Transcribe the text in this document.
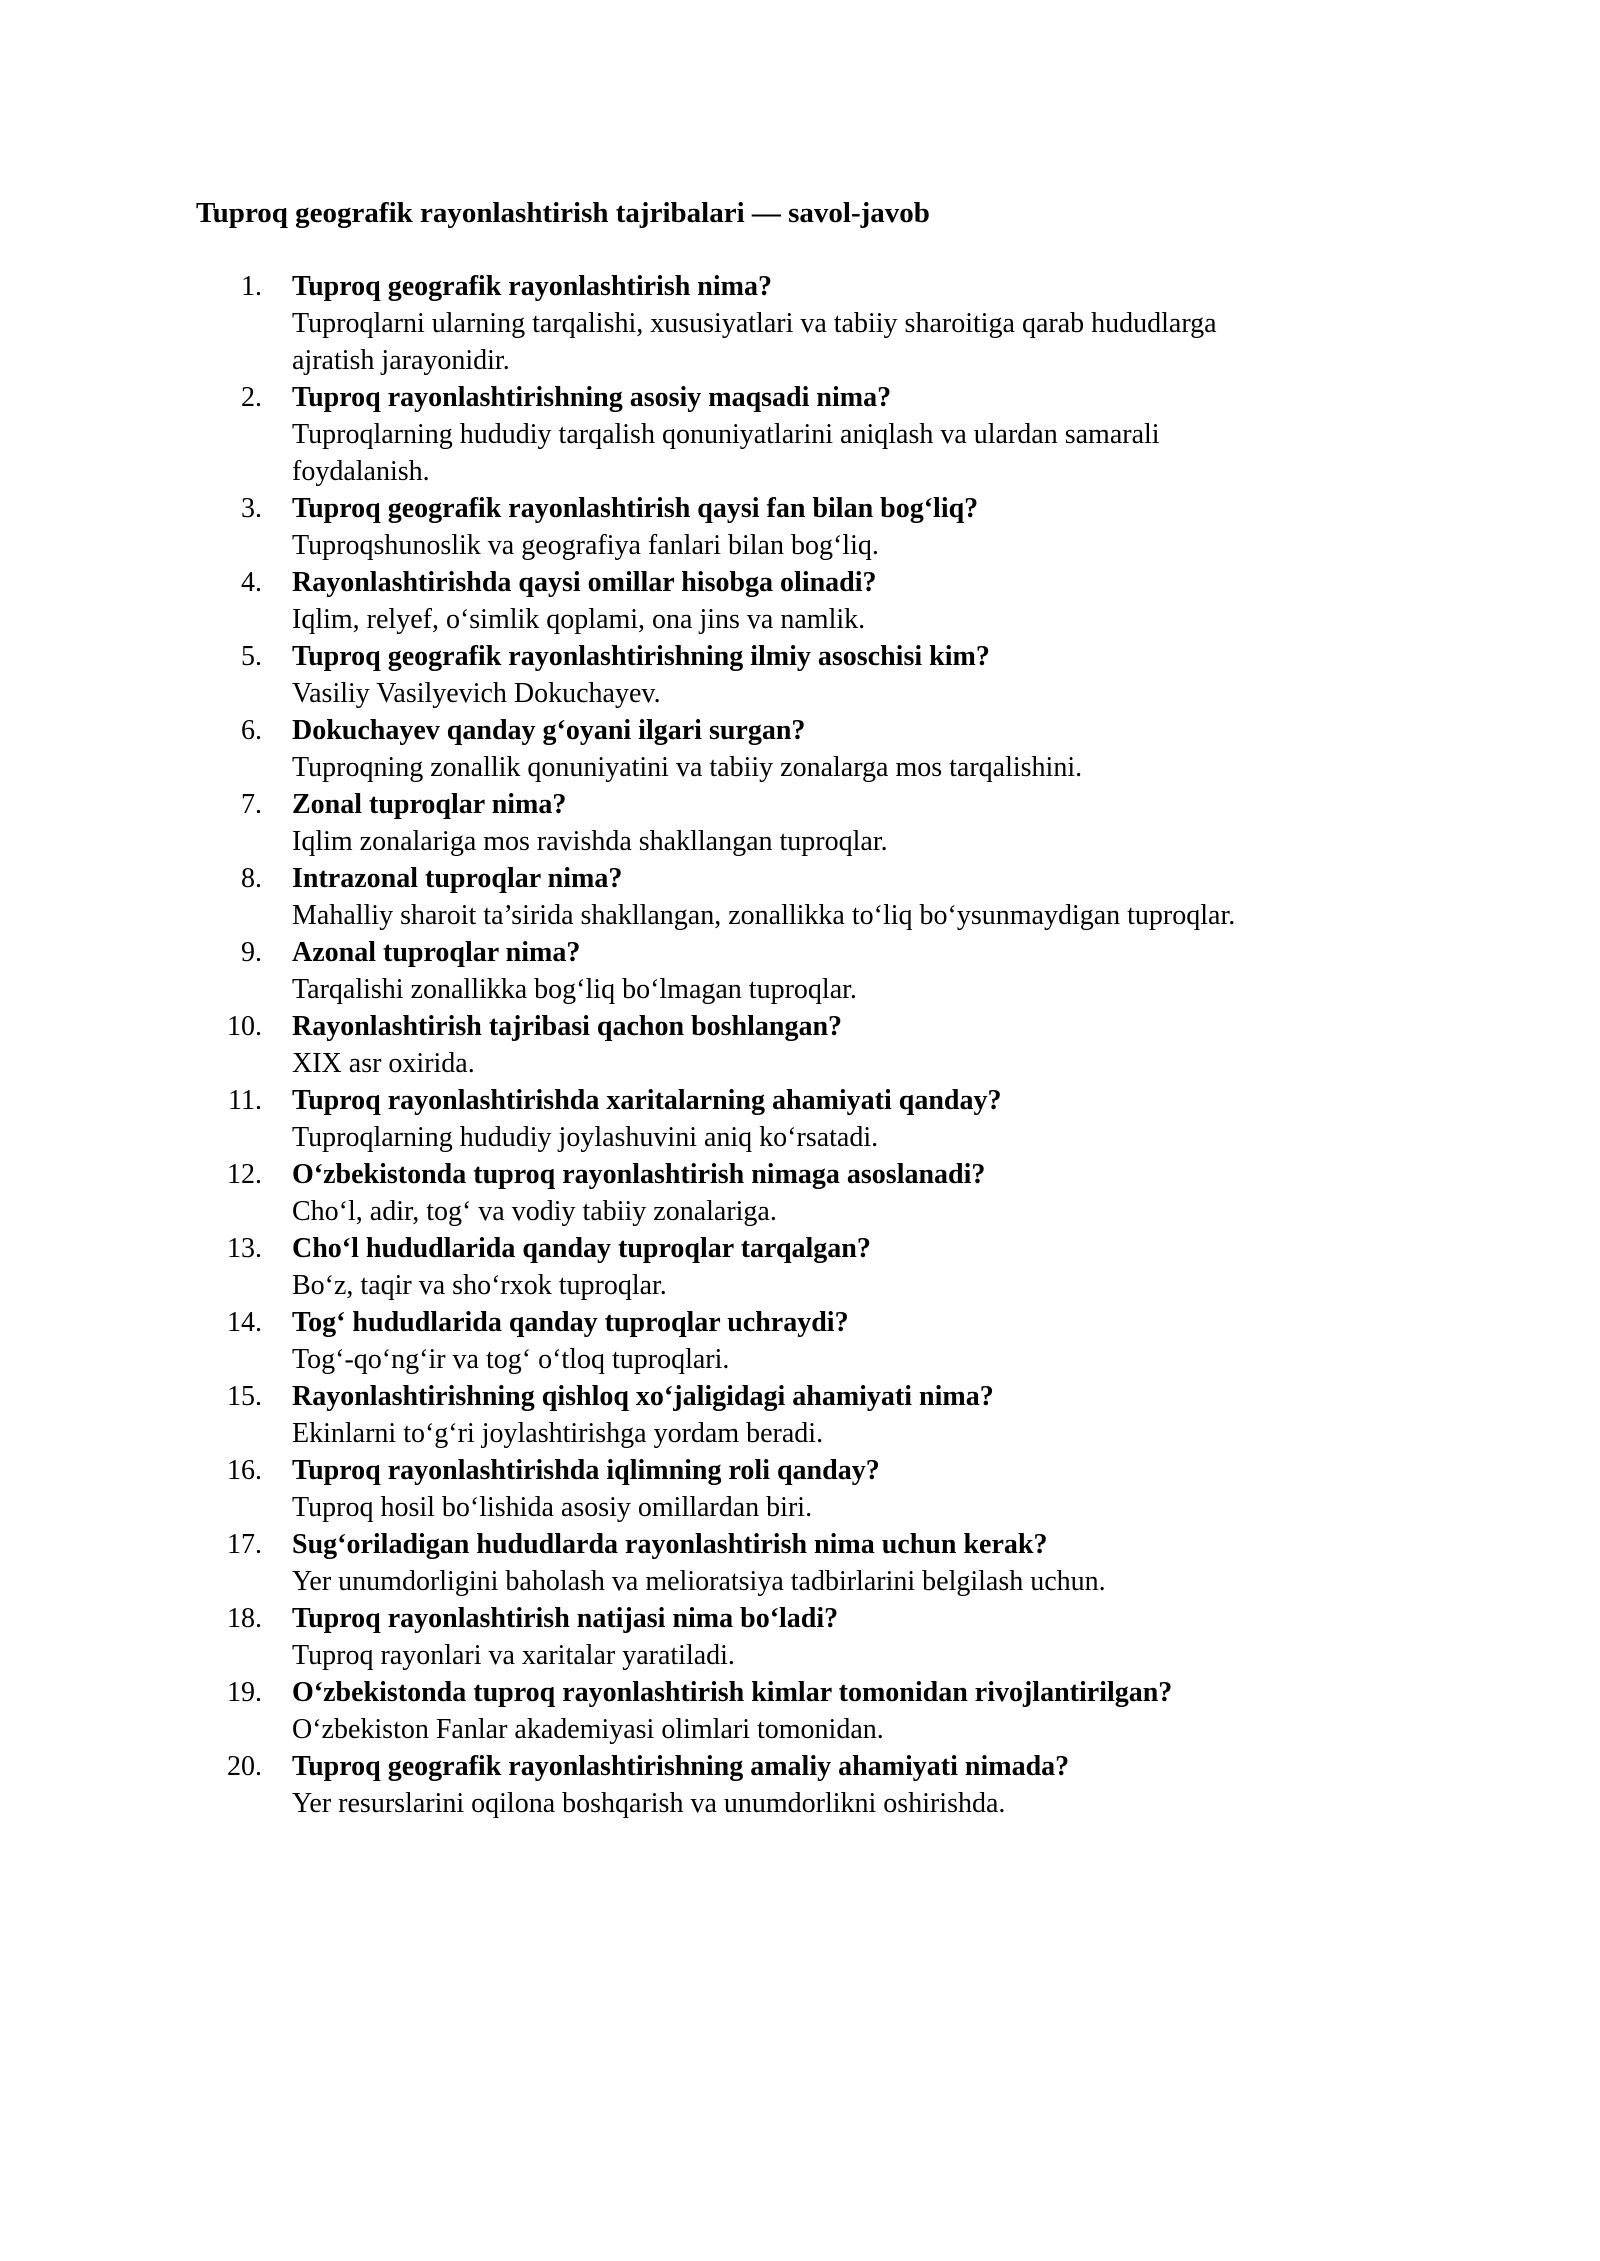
Tuproq geografik rayonlashtirish tajribalari — savol-javob
1. Tuproq geografik rayonlashtirish nima?
Tuproqlarni ularning tarqalishi, xususiyatlari va tabiiy sharoitiga qarab hududlarga
ajratish jarayonidir.
2. Tuproq rayonlashtirishning asosiy maqsadi nima?
Tuproqlarning hududiy tarqalish qonuniyatlarini aniqlash va ulardan samarali
foydalanish.
3. Tuproq geografik rayonlashtirish qaysi fan bilan bog‘liq?
Tuproqshunoslik va geografiya fanlari bilan bog‘liq.
4. Rayonlashtirishda qaysi omillar hisobga olinadi?
Iqlim, relyef, o‘simlik qoplami, ona jins va namlik.
5. Tuproq geografik rayonlashtirishning ilmiy asoschisi kim?
Vasiliy Vasilyevich Dokuchayev.
6. Dokuchayev qanday g‘oyani ilgari surgan?
Tuproqning zonallik qonuniyatini va tabiiy zonalarga mos tarqalishini.
7. Zonal tuproqlar nima?
Iqlim zonalariga mos ravishda shakllangan tuproqlar.
8. Intrazonal tuproqlar nima?
Mahalliy sharoit ta’sirida shakllangan, zonallikka to‘liq bo‘ysunmaydigan tuproqlar.
9. Azonal tuproqlar nima?
Tarqalishi zonallikka bog‘liq bo‘lmagan tuproqlar.
10. Rayonlashtirish tajribasi qachon boshlangan?
XIX asr oxirida.
11. Tuproq rayonlashtirishda xaritalarning ahamiyati qanday?
Tuproqlarning hududiy joylashuvini aniq ko‘rsatadi.
12. O‘zbekistonda tuproq rayonlashtirish nimaga asoslanadi?
Cho‘l, adir, tog‘ va vodiy tabiiy zonalariga.
13. Cho‘l hududlarida qanday tuproqlar tarqalgan?
Bo‘z, taqir va sho‘rxok tuproqlar.
14. Tog‘ hududlarida qanday tuproqlar uchraydi?
Tog‘-qo‘ng‘ir va tog‘ o‘tloq tuproqlari.
15. Rayonlashtirishning qishloq xo‘jaligidagi ahamiyati nima?
Ekinlarni to‘g‘ri joylashtirishga yordam beradi.
16. Tuproq rayonlashtirishda iqlimning roli qanday?
Tuproq hosil bo‘lishida asosiy omillardan biri.
17. Sug‘oriladigan hududlarda rayonlashtirish nima uchun kerak?
Yer unumdorligini baholash va melioratsiya tadbirlarini belgilash uchun.
18. Tuproq rayonlashtirish natijasi nima bo‘ladi?
Tuproq rayonlari va xaritalar yaratiladi.
19. O‘zbekistonda tuproq rayonlashtirish kimlar tomonidan rivojlantirilgan?
O‘zbekiston Fanlar akademiyasi olimlari tomonidan.
20. Tuproq geografik rayonlashtirishning amaliy ahamiyati nimada?
Yer resurslarini oqilona boshqarish va unumdorlikni oshirishda.
